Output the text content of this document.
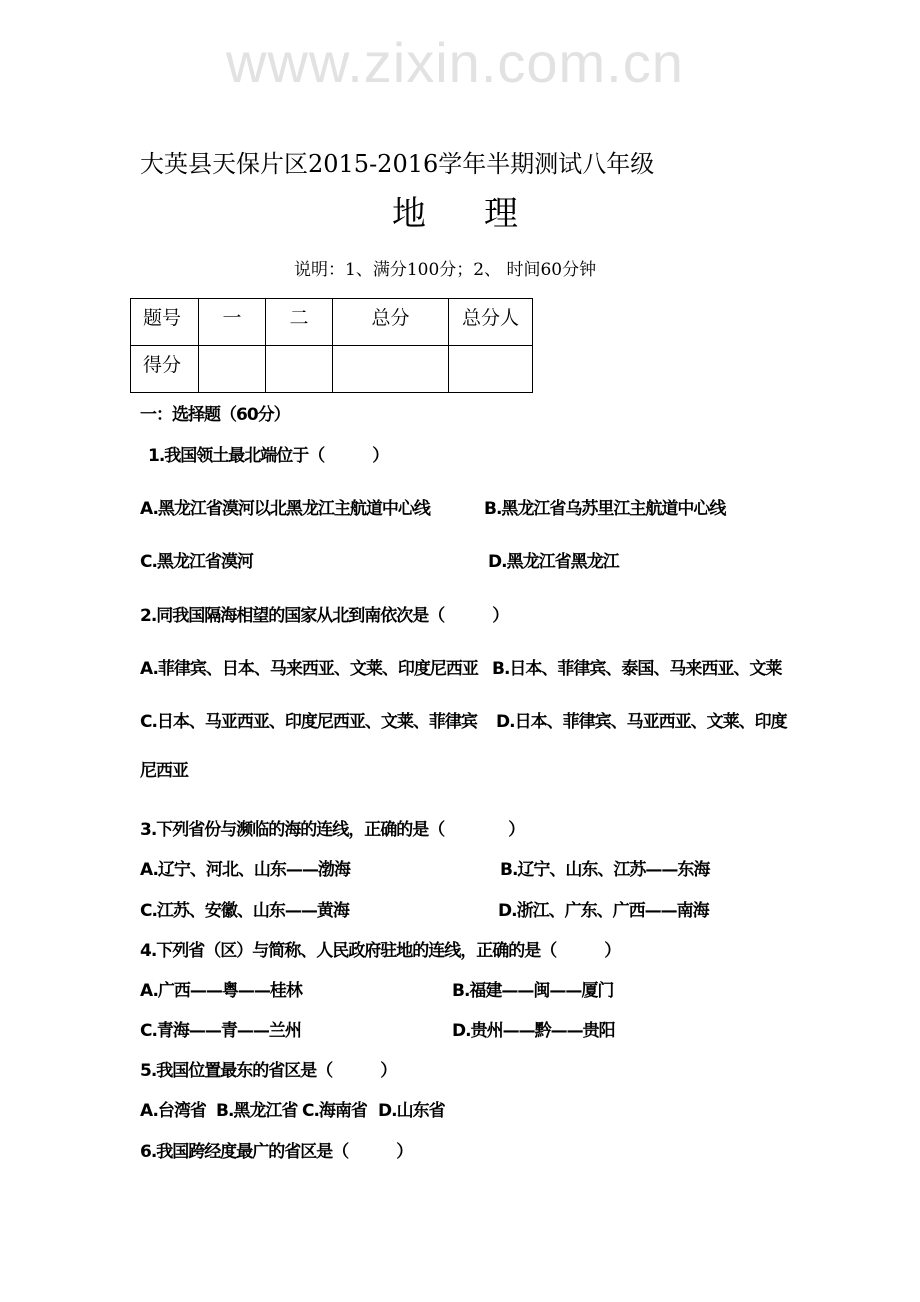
www.zixin.com.cn
大英县天保片区2015-2016学年半期测试八年级
地理
说明：1、满分100分；2、 时间60分钟
题号	一	二	总分	总分人
得分				
一：选择题（60分）
1.我国领土最北端位于（　　　）
A.黑龙江省漠河以北黑龙江主航道中心线	B.黑龙江省乌苏里江主航道中心线
C.黑龙江省漠河	D.黑龙江省黑龙江
2.同我国隔海相望的国家从北到南依次是（　　　）
A.菲律宾、日本、马来西亚、文莱、印度尼西亚 B.日本、菲律宾、泰国、马来西亚、文莱
C.日本、马亚西亚、印度尼西亚、文莱、菲律宾 D.日本、菲律宾、马亚西亚、文莱、印度
尼西亚
3.下列省份与濒临的海的连线，正确的是（　　　　）
A.辽宁、河北、山东——渤海	B.辽宁、山东、江苏——东海
C.江苏、安徽、山东——黄海	D.浙江、广东、广西——南海
4.下列省（区）与简称、人民政府驻地的连线，正确的是（　　　）
A.广西——粤——桂林	B.福建——闽——厦门
C.青海——青——兰州	D.贵州——黔——贵阳
5.我国位置最东的省区是（　　　）
A.台湾省 B.黑龙江省 C.海南省 D.山东省
6.我国跨经度最广的省区是（　　　）
